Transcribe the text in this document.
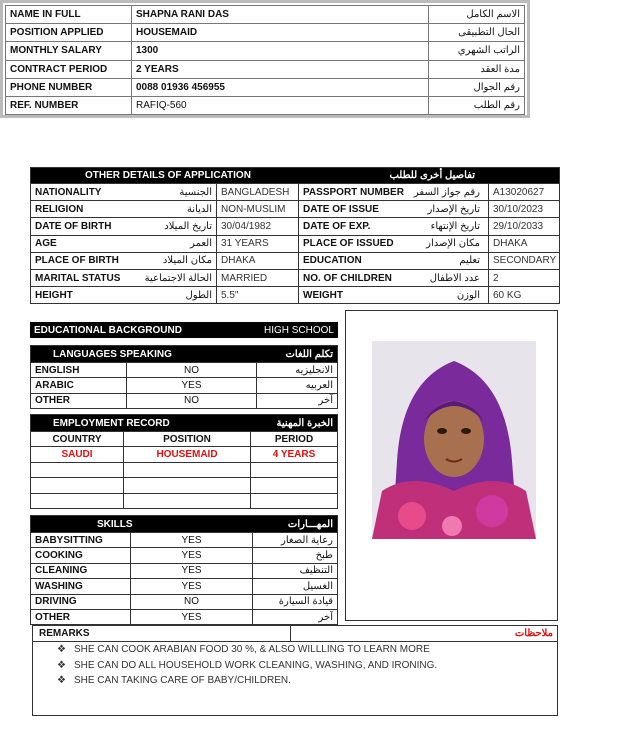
NAME IN FULL	SHAPNA RANI DAS	الاسم الكامل
POSITION APPLIED	HOUSEMAID	الحال التطبيقى
MONTHLY SALARY	1300	الراتب الشهري
CONTRACT PERIOD	2 YEARS	مدة العقد
PHONE NUMBER	0088 01936 456955	رقم الجوال
REF. NUMBER	RAFIQ-560	رقم الطلب
OTHER DETAILS OF APPLICATION تفاصيل أخرى للطلب			

NATIONALITY الجنسية	BANGLADESH	PASSPORT NUMBER رقم جواز السفر	A13020627

RELIGION الديانة	NON-MUSLIM	DATE OF ISSUE تاريخ الإصدار	30/10/2023

DATE OF BIRTH تاريخ الميلاد	30/04/1982	DATE OF EXP. تاريخ الإنتهاء	29/10/2033

AGE العمر	31 YEARS	PLACE OF ISSUED مكان الإصدار	DHAKA

PLACE OF BIRTH مكان الميلاد	DHAKA	EDUCATION تعليم	SECONDARY

MARITAL STATUS الحالة الاجتماعية	MARRIED	NO. OF CHILDREN عدد الاطفال	2

HEIGHT الطول	5.5"	WEIGHT الوزن	60 KG
EDUCATIONAL BACKGROUND	HIGH SCHOOL
LANGUAGES SPEAKING تكلم اللغات		

ENGLISH	NO	الانجليزيه
ARABIC	YES	العربيه
OTHER	NO	آخر
EMPLOYMENT RECORD الخبرة المهنية		

COUNTRY	POSITION	PERIOD
SAUDI	HOUSEMAID	4 YEARS

SKILLS المهـــارات		

BABYSITTING	YES	رعاية الصغار
COOKING	YES	طبخ
CLEANING	YES	التنظيف
WASHING	YES	الغسيل
DRIVING	NO	قيادة السيارة
OTHER	YES	آخر
REMARKS	ملاحظات
❖ SHE CAN COOK ARABIAN FOOD 30 %, & ALSO WILLLING TO LEARN MORE
❖ SHE CAN DO ALL HOUSEHOLD WORK CLEANING, WASHING, AND IRONING.
❖ SHE CAN TAKING CARE OF BABY/CHILDREN.
